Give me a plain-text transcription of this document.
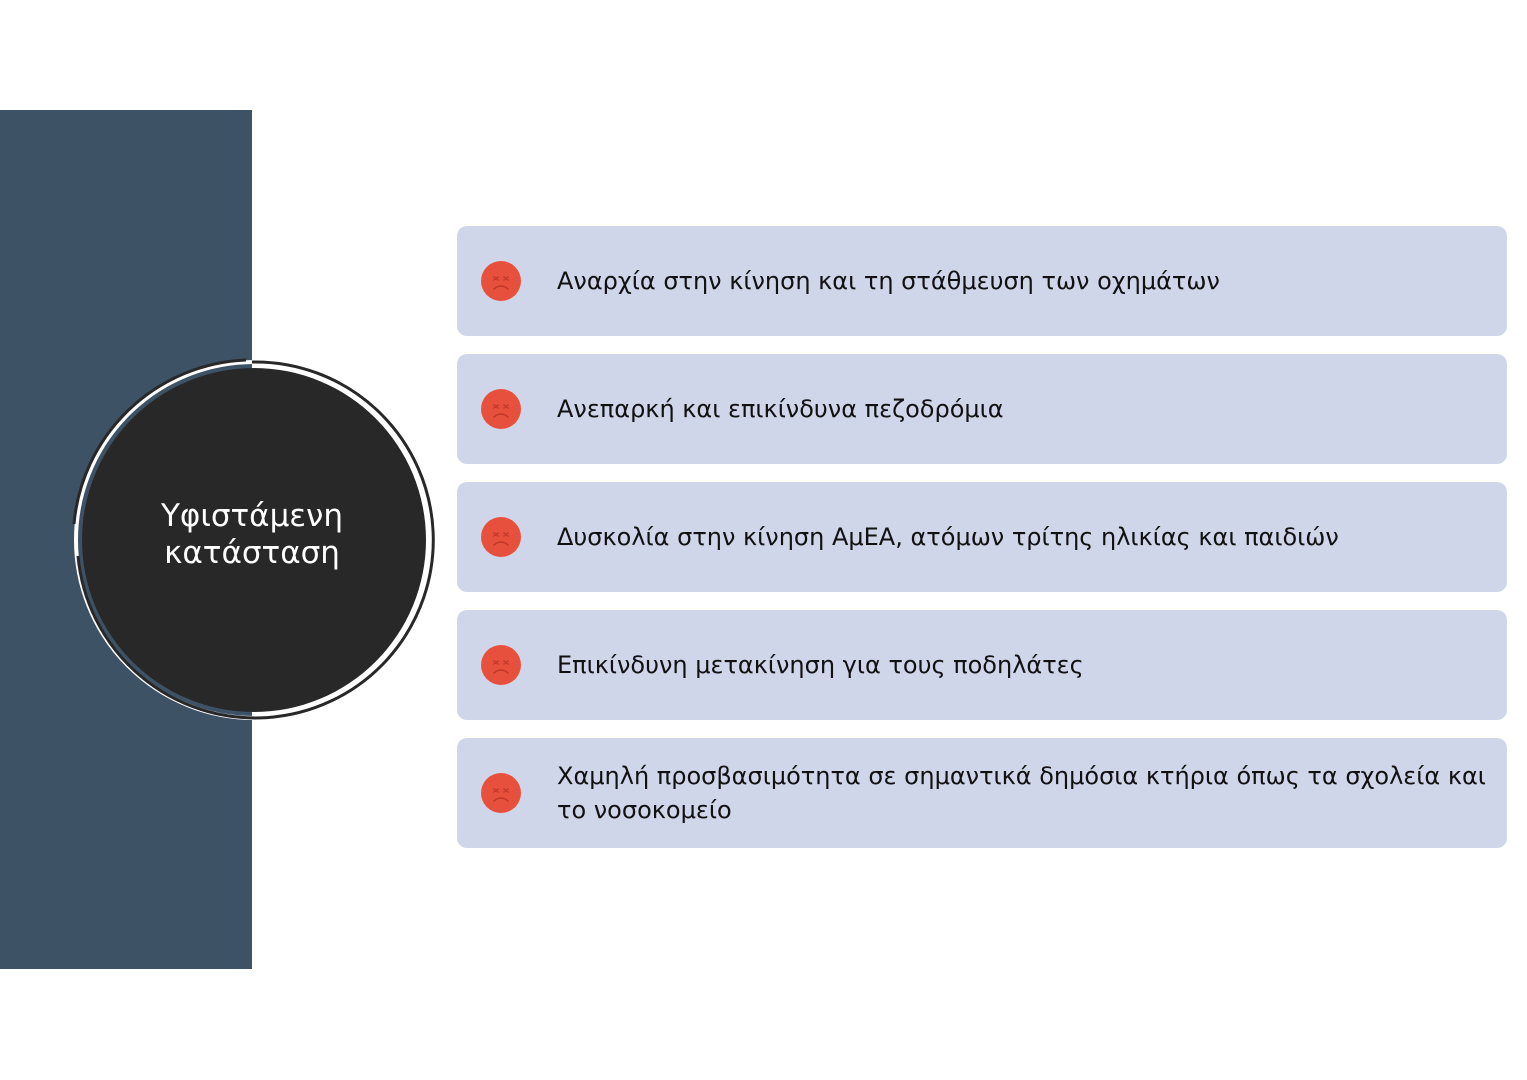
Υφιστάμενη
κατάσταση
Αναρχία στην κίνηση και τη στάθμευση των οχημάτων
Ανεπαρκή και επικίνδυνα πεζοδρόμια
Δυσκολία στην κίνηση ΑμΕΑ, ατόμων τρίτης ηλικίας και παιδιών
Επικίνδυνη μετακίνηση για τους ποδηλάτες
Χαμηλή προσβασιμότητα σε σημαντικά δημόσια κτήρια όπως τα σχολεία και το νοσοκομείο
